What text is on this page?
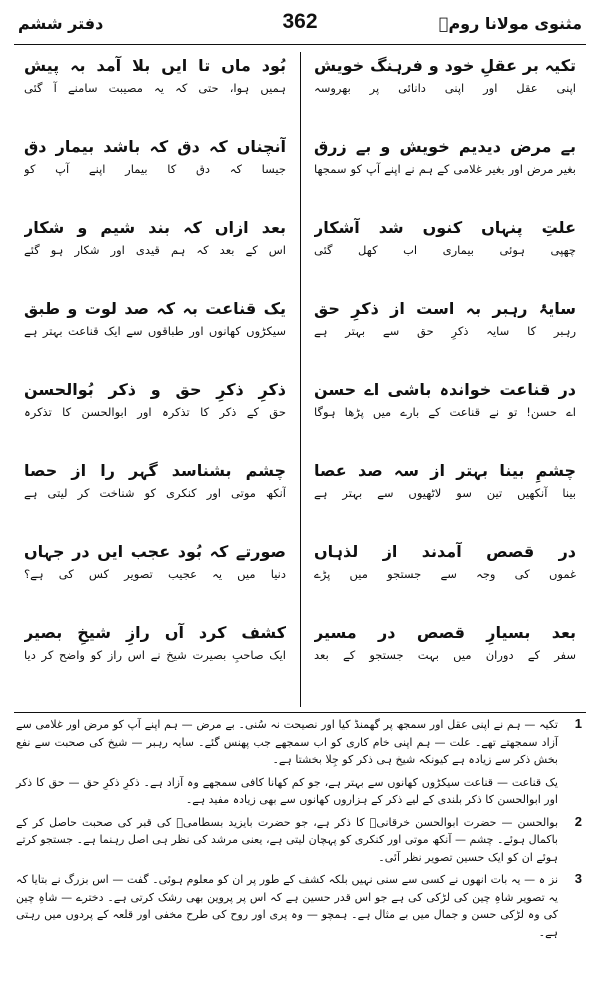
دفتر ششم	362	مثنوی مولانا رومؒ
تکیہ بر عقلِ خود و فرہنگ خویش
اپنی عقل اور اپنی دانائی پر بھروسہ
بے مرض دیدیم خویش و بے زرق
بغیر مرض اور بغیر غلامی کے ہم نے اپنے آپ کو سمجھا
علتِ پنہاں کنوں شد آشکار
چھپی ہوئی بیماری اب کھل گئی
سایۂ رہبر بہ است از ذکرِ حق
رہبر کا سایہ ذکرِ حق سے بہتر ہے
در قناعت خواندہ باشی اے حسن
اے حسن! تو نے قناعت کے بارے میں پڑھا ہوگا
چشمِ بینا بہتر از سہ صد عصا
بینا آنکھیں تین سو لاٹھیوں سے بہتر ہے
در قصص آمدند از لذہاں
غموں کی وجہ سے جستجو میں پڑے
بعد بسیارِ قصص در مسیر
سفر کے دوران میں بہت جستجو کے بعد
بُود ماں تا ایں بلا آمد بہ پیش
ہمیں ہوا، حتی کہ یہ مصیبت سامنے آ گئی
آنچناں کہ دق کہ باشد بیمار دق
جیسا کہ دق کا بیمار اپنے آپ کو
بعد ازاں کہ بند شیم و شکار
اس کے بعد کہ ہم قیدی اور شکار ہو گئے
یک قناعت بہ کہ صد لوت و طبق
سیکڑوں کھانوں اور طباقوں سے ایک قناعت بہتر ہے
ذکرِ ذکرِ حق و ذکر بُوالحسن
حق کے ذکر کا تذکرہ اور ابوالحسن کا تذکرہ
چشم بشناسد گہر را از حصا
آنکھ موتی اور کنکری کو شناخت کر لیتی ہے
صورتے کہ بُود عجب ایں در جہاں
دنیا میں یہ عجیب تصویر کس کی ہے؟
کشف کرد آں رازِ شیخِ بصیر
ایک صاحبِ بصیرت شیخ نے اس راز کو واضح کر دیا
1
تکیہ — ہم نے اپنی عقل اور سمجھ پر گھمنڈ کیا اور نصیحت نہ سُنی۔ بے مرض — ہم اپنے آپ کو مرض اور غلامی سے آزاد سمجھتے تھے۔ علت — ہم اپنی خام کاری کو اب سمجھے جب پھنس گئے۔ سایہ رہبر — شیخ کی صحبت سے نفع بخش ذکر سے زیادہ ہے کیونکہ شیخ ہی ذکر کو جِلا بخشتا ہے۔
یک قناعت — قناعت سیکڑوں کھانوں سے بہتر ہے، جو کم کھانا کافی سمجھے وہ آزاد ہے۔ ذکرِ ذکرِ حق — حق کا ذکر اور ابوالحسن کا ذکر بلندی کے لیے ذکر کے ہزاروں کھانوں سے بھی زیادہ مفید ہے۔
2
بوالحسن — حضرت ابوالحسن خرقانیؒ کا ذکر ہے، جو حضرت بایزید بسطامیؒ کی قبر کی صحبت حاصل کر کے باکمال ہوئے۔ چشم — آنکھ موتی اور کنکری کو پہچان لیتی ہے، یعنی مرشد کی نظر ہی اصل رہنما ہے۔ جستجو کرتے ہوئے ان کو ایک حسین تصویر نظر آئی۔
3
نز ہ — یہ بات انھوں نے کسی سے سنی نہیں بلکہ کشف کے طور پر ان کو معلوم ہوئی۔ گفت — اس بزرگ نے بتایا کہ یہ تصویر شاہِ چین کی لڑکی کی ہے جو اس قدر حسین ہے کہ اس پر پروین بھی رشک کرتی ہے۔ دخترے — شاہِ چین کی وہ لڑکی حسن و جمال میں بے مثال ہے۔ ہمچو — وہ پری اور روح کی طرح مخفی اور قلعہ کے پردوں میں رہتی ہے۔
